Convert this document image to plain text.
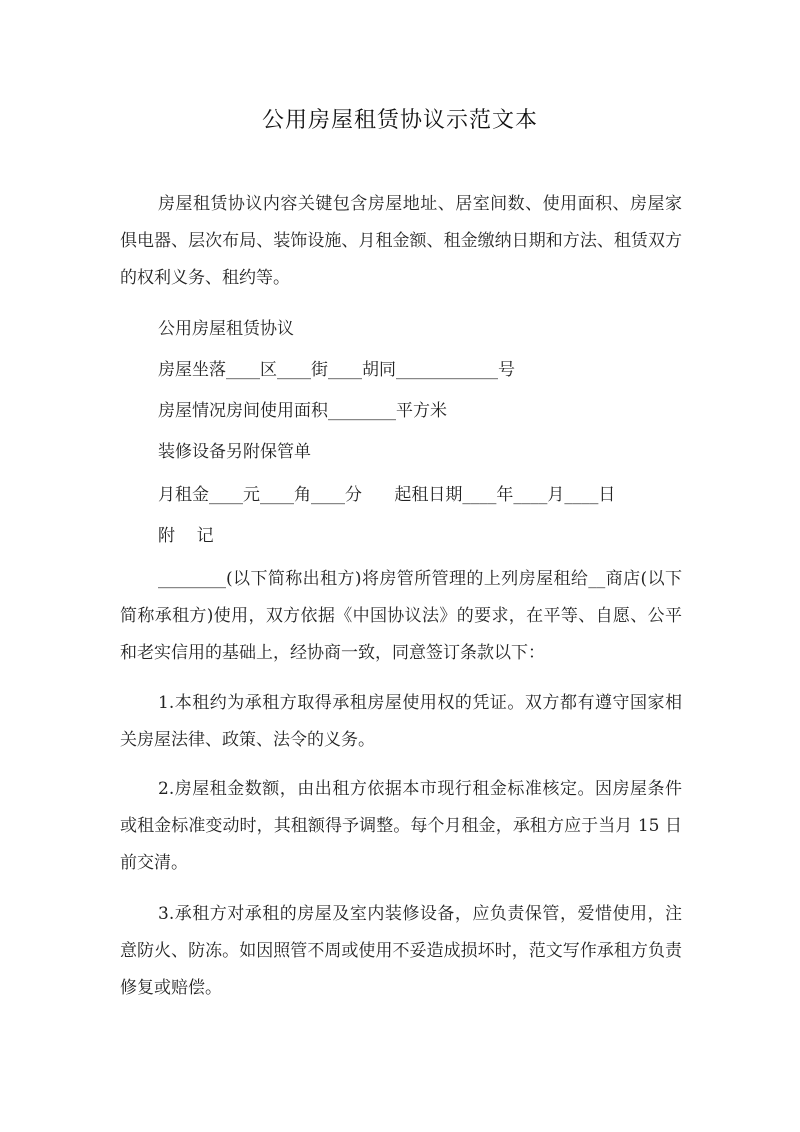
公用房屋租赁协议示范文本
房屋租赁协议内容关键包含房屋地址、居室间数、使用面积、房屋家俱电器、层次布局、装饰设施、月租金额、租金缴纳日期和方法、租赁双方的权利义务、租约等。
公用房屋租赁协议
房屋坐落____区____街____胡同____________号
房屋情况房间使用面积________平方米
装修设备另附保管单
月租金____元____角____分      起租日期____年____月____日
附    记
________(以下简称出租方)将房管所管理的上列房屋租给__商店(以下简称承租方)使用，双方依据《中国协议法》的要求，在平等、自愿、公平和老实信用的基础上，经协商一致，同意签订条款以下：
1.本租约为承租方取得承租房屋使用权的凭证。双方都有遵守国家相关房屋法律、政策、法令的义务。
2.房屋租金数额，由出租方依据本市现行租金标准核定。因房屋条件或租金标准变动时，其租额得予调整。每个月租金，承租方应于当月 15 日前交清。
3.承租方对承租的房屋及室内装修设备，应负责保管，爱惜使用，注意防火、防冻。如因照管不周或使用不妥造成损坏时，范文写作承租方负责修复或赔偿。
